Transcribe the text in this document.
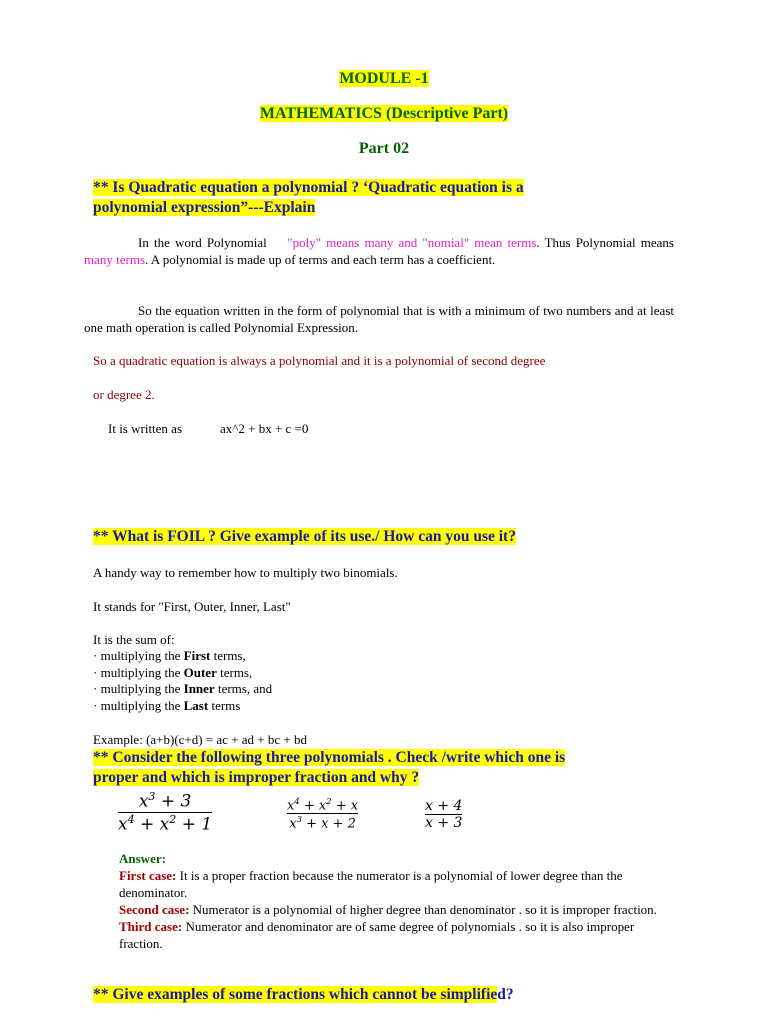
MODULE -1
MATHEMATICS (Descriptive Part)
Part 02
** Is Quadratic equation a polynomial ? ‘Quadratic equation is a
polynomial expression”---Explain
In the word Polynomial "poly" means many and "nomial" mean terms. Thus Polynomial means many terms. A polynomial is made up of terms and each term has a coefficient.
So the equation written in the form of polynomial that is with a minimum of two numbers and at least one math operation is called Polynomial Expression.
So a quadratic equation is always a polynomial and it is a polynomial of second degree
or degree 2.
It is written as	ax^2 + bx + c =0
** What is FOIL ? Give example of its use./ How can you use it?
A handy way to remember how to multiply two binomials.
It stands for "First, Outer, Inner, Last"
It is the sum of:
· multiplying the First terms,
· multiplying the Outer terms,
· multiplying the Inner terms, and
· multiplying the Last terms
Example: (a+b)(c+d) = ac + ad + bc + bd
** Consider the following three polynomials . Check /write which one is
proper and which is improper fraction and why ?
$x^3 + 3$
$x^4 + x^2 + 1$
$x^4 + x^2 + x$
$x^3 + x + 2$
x + 4
x + 3
Answer:
First case: It is a proper fraction because the numerator is a polynomial of lower degree than the denominator.
Second case: Numerator is a polynomial of higher degree than denominator . so it is improper fraction.
Third case: Numerator and denominator are of same degree of polynomials . so it is also improper fraction.
** Give examples of some fractions which cannot be simplified?
